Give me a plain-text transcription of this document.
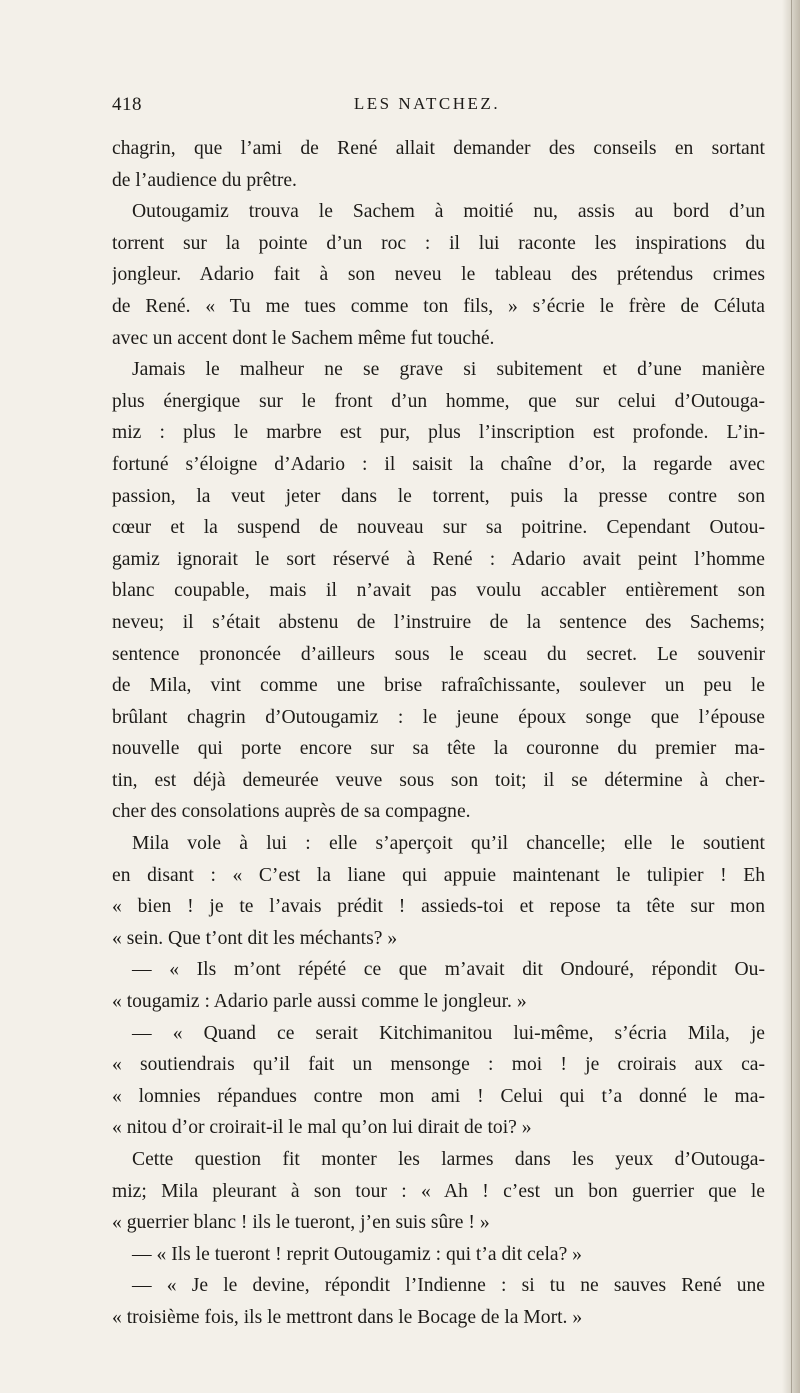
418	LES NATCHEZ.
chagrin, que l’ami de René allait demander des conseils en sortant
de l’audience du prêtre.
Outougamiz trouva le Sachem à moitié nu, assis au bord d’un
torrent sur la pointe d’un roc : il lui raconte les inspirations du
jongleur. Adario fait à son neveu le tableau des prétendus crimes
de René. « Tu me tues comme ton fils, » s’écrie le frère de Céluta
avec un accent dont le Sachem même fut touché.
Jamais le malheur ne se grave si subitement et d’une manière
plus énergique sur le front d’un homme, que sur celui d’Outouga-
miz : plus le marbre est pur, plus l’inscription est profonde. L’in-
fortuné s’éloigne d’Adario : il saisit la chaîne d’or, la regarde avec
passion, la veut jeter dans le torrent, puis la presse contre son
cœur et la suspend de nouveau sur sa poitrine. Cependant Outou-
gamiz ignorait le sort réservé à René : Adario avait peint l’homme
blanc coupable, mais il n’avait pas voulu accabler entièrement son
neveu; il s’était abstenu de l’instruire de la sentence des Sachems;
sentence prononcée d’ailleurs sous le sceau du secret. Le souvenir
de Mila, vint comme une brise rafraîchissante, soulever un peu le
brûlant chagrin d’Outougamiz : le jeune époux songe que l’épouse
nouvelle qui porte encore sur sa tête la couronne du premier ma-
tin, est déjà demeurée veuve sous son toit; il se détermine à cher-
cher des consolations auprès de sa compagne.
Mila vole à lui : elle s’aperçoit qu’il chancelle; elle le soutient
en disant : « C’est la liane qui appuie maintenant le tulipier ! Eh
« bien ! je te l’avais prédit ! assieds-toi et repose ta tête sur mon
« sein. Que t’ont dit les méchants? »
— « Ils m’ont répété ce que m’avait dit Ondouré, répondit Ou-
« tougamiz : Adario parle aussi comme le jongleur. »
— « Quand ce serait Kitchimanitou lui-même, s’écria Mila, je
« soutiendrais qu’il fait un mensonge : moi ! je croirais aux ca-
« lomnies répandues contre mon ami ! Celui qui t’a donné le ma-
« nitou d’or croirait-il le mal qu’on lui dirait de toi? »
Cette question fit monter les larmes dans les yeux d’Outouga-
miz; Mila pleurant à son tour : « Ah ! c’est un bon guerrier que le
« guerrier blanc ! ils le tueront, j’en suis sûre ! »
— « Ils le tueront ! reprit Outougamiz : qui t’a dit cela? »
— « Je le devine, répondit l’Indienne : si tu ne sauves René une
« troisième fois, ils le mettront dans le Bocage de la Mort. »
